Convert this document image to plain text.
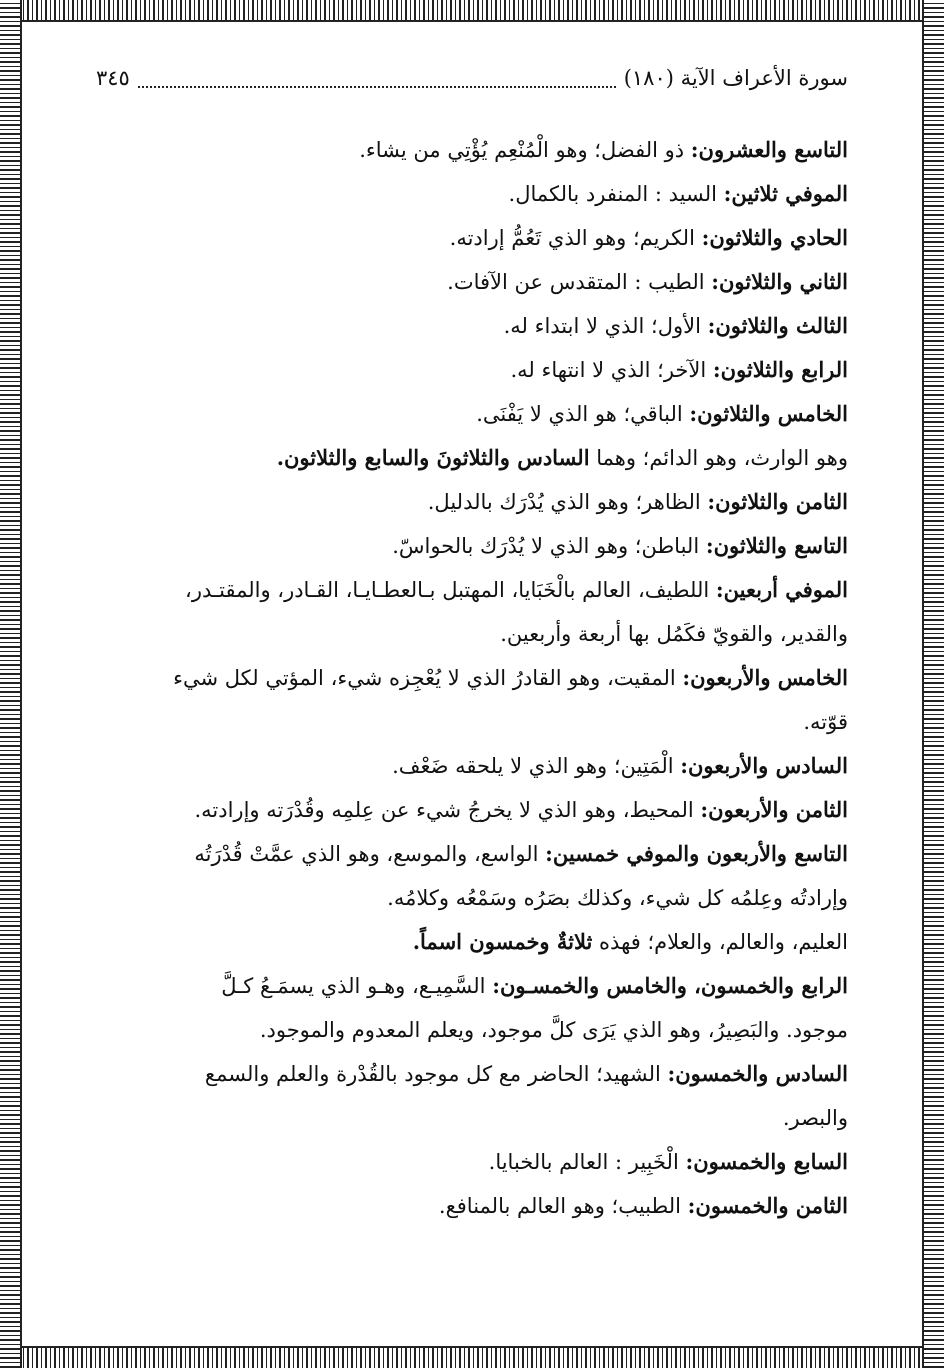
سورة الأعراف الآية (١٨٠)
٣٤٥
التاسع والعشرون: ذو الفضل؛ وهو الْمُنْعِم يُؤْتِي من يشاء.
الموفي ثلاثين: السيد : المنفرد بالكمال.
الحادي والثلاثون: الكريم؛ وهو الذي تَعُمُّ إرادته.
الثاني والثلاثون: الطيب : المتقدس عن الآفات.
الثالث والثلاثون: الأول؛ الذي لا ابتداء له.
الرابع والثلاثون: الآخر؛ الذي لا انتهاء له.
الخامس والثلاثون: الباقي؛ هو الذي لا يَفْنَى.
وهو الوارث، وهو الدائم؛ وهما السادس والثلاثونَ والسابع والثلاثون.
الثامن والثلاثون: الظاهر؛ وهو الذي يُدْرَك بالدليل.
التاسع والثلاثون: الباطن؛ وهو الذي لا يُدْرَك بالحواسّ.
الموفي أربعين: اللطيف، العالم بالْخَبَايا، المهتبل بـالعطـايـا، القـادر، والمقتـدر،
والقدير، والقويّ فكَمُل بها أربعة وأربعين.
الخامس والأربعون: المقيت، وهو القادرُ الذي لا يُعْجِزه شيء، المؤتي لكل شيء
قوّته.
السادس والأربعون: الْمَتِين؛ وهو الذي لا يلحقه ضَعْف.
الثامن والأربعون: المحيط، وهو الذي لا يخرجُ شيء عن عِلمِه وقُدْرَته وإرادته.
التاسع والأربعون والموفي خمسين: الواسع، والموسع، وهو الذي عمَّتْ قُدْرَتُه
وإرادتُه وعِلمُه كل شيء، وكذلك بصَرُه وسَمْعُه وكلامُه.
العليم، والعالم، والعلام؛ فهذه ثلاثةٌ وخمسون اسماً.
الرابع والخمسون، والخامس والخمسـون: السَّمِيـع، وهـو الذي يسمَـعُ كـلَّ
موجود. والبَصِيرُ، وهو الذي يَرَى كلَّ موجود، ويعلم المعدوم والموجود.
السادس والخمسون: الشهيد؛ الحاضر مع كل موجود بالقُدْرة والعلم والسمع
والبصر.
السابع والخمسون: الْخَبِير : العالم بالخبايا.
الثامن والخمسون: الطبيب؛ وهو العالم بالمنافع.
